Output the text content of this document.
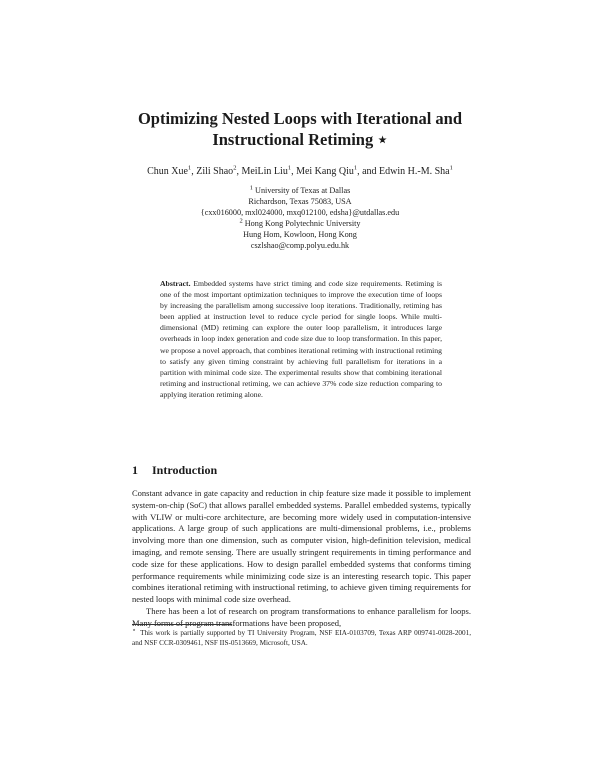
Optimizing Nested Loops with Iterational and
Instructional Retiming ⋆
Chun Xue$^1$, Zili Shao$^2$, MeiLin Liu$^1$, Mei Kang Qiu$^1$, and Edwin H.-M. Sha$^1$
$^1$ University of Texas at Dallas
Richardson, Texas 75083, USA
{cxx016000, mxl024000, mxq012100, edsha}@utdallas.edu
$^2$ Hong Kong Polytechnic University
Hung Hom, Kowloon, Hong Kong
cszlshao@comp.polyu.edu.hk
Abstract. Embedded systems have strict timing and code size requirements. Retiming is one of the most important optimization techniques to improve the execution time of loops by increasing the parallelism among successive loop iterations. Traditionally, retiming has been applied at instruction level to reduce cycle period for single loops. While multi-dimensional (MD) retiming can explore the outer loop parallelism, it introduces large overheads in loop index generation and code size due to loop transformation. In this paper, we propose a novel approach, that combines iterational retiming with instructional retiming to satisfy any given timing constraint by achieving full parallelism for iterations in a partition with minimal code size. The experimental results show that combining iterational retiming and instructional retiming, we can achieve 37% code size reduction comparing to applying iteration retiming alone.
1 Introduction

Constant advance in gate capacity and reduction in chip feature size made it possible to implement system-on-chip (SoC) that allows parallel embedded systems. Parallel embedded systems, typically with VLIW or multi-core architecture, are becoming more widely used in computation-intensive applications. A large group of such applications are multi-dimensional problems, i.e., problems involving more than one dimension, such as computer vision, high-definition television, medical imaging, and remote sensing. There are usually stringent requirements in timing performance and code size for these applications. How to design parallel embedded systems that conforms timing performance requirements while minimizing code size is an interesting research topic. This paper combines iterational retiming with instructional retiming, to achieve given timing requirements for nested loops with minimal code size overhead.

There has been a lot of research on program transformations to enhance parallelism for loops. Many forms of program transformations have been proposed,

⋆ This work is partially supported by TI University Program, NSF EIA-0103709, Texas ARP 009741-0028-2001, and NSF CCR-0309461, NSF IIS-0513669, Microsoft, USA.
